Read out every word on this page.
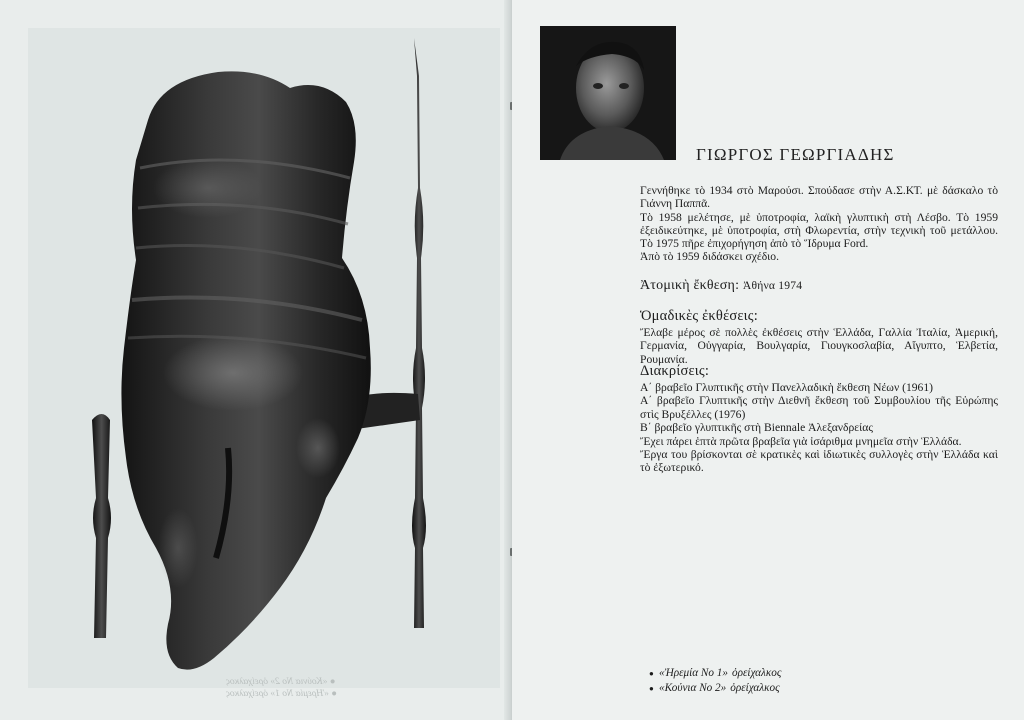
● «Κούνια Νο 2» ὀρείχαλκος
● «Ἠρεμία Νο 1» ὀρείχαλκος
ΓΙΩΡΓΟΣ ΓΕΩΡΓΙΑΔΗΣ

Γεννήθηκε τὸ 1934 στὸ Μαρούσι. Σπούδασε στὴν Α.Σ.ΚΤ. μὲ δάσκαλο τὸ Γιάννη Παππᾶ.

Τὸ 1958 μελέτησε, μὲ ὑποτροφία, λαϊκὴ γλυπτικὴ στὴ Λέσβο. Τὸ 1959 ἐξειδικεύτηκε, μὲ ὑποτροφία, στὴ Φλωρεντία, στὴν τεχνικὴ τοῦ μετάλλου. Τὸ 1975 πῆρε ἐπιχορήγηση ἀπὸ τὸ Ἵδρυμα Ford.

Ἀπὸ τὸ 1959 διδάσκει σχέδιο.

Ἀτομικὴ ἔκθεση: Ἀθήνα 1974

Ὁμαδικὲς ἐκθέσεις:

Ἔλαβε μέρος σὲ πολλὲς ἐκθέσεις στὴν Ἑλλάδα, Γαλλία Ἰταλία, Ἀμερική, Γερμανία, Οὐγγαρία, Βουλγαρία, Γιουγκοσλαβία, Αἴγυπτο, Ἑλβετία, Ρουμανία.

Διακρίσεις:

Α΄ βραβεῖο Γλυπτικῆς στὴν Πανελλαδικὴ ἔκθεση Νέων (1961)
Α΄ βραβεῖο Γλυπτικῆς στὴν Διεθνῆ ἔκθεση τοῦ Συμβουλίου τῆς Εὐρώπης στὶς Βρυξέλλες (1976)
Β΄ βραβεῖο γλυπτικῆς στὴ Biennale Ἀλεξανδρείας
Ἔχει πάρει ἑπτὰ πρῶτα βραβεῖα γιὰ ἰσάριθμα μνημεῖα στὴν Ἑλλάδα.
Ἔργα του βρίσκονται σὲ κρατικὲς καὶ ἰδιωτικὲς συλλογὲς στὴν Ἑλλάδα καὶ τὸ ἐξωτερικό.
● «Ἠρεμία Νο 1» ὀρείχαλκος
● «Κούνια Νο 2» ὀρείχαλκος
